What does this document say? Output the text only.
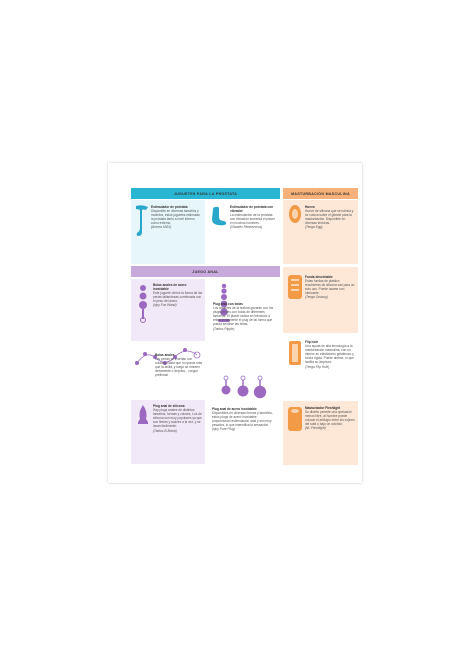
JUGUETES PARA LA PRÓSTATA	MASTURBACIÓN MASCULINA
JUEGO ANAL
Estimulador de próstata
Disponible en diversas tamaños y modelos, estos juguetes estimulan la próstata tanto a nivel interno como externo.
(Aneros MGX)
Estimulador de próstata con vibrador
La estimulación de la próstata con vibración aumenta el placer en muchos hombres.
(Vibratex Rendezvous)
Huevo
Huevo de silicona que se lubrica y se coloca sobre el glande para la masturbación. Disponible en diversas texturas.
(Tenga Egg)
Bolas anales de acero inoxidable
Este juguete ofrece la forma de las perlas tailandesas combinada con el peso del acero.
(njoy Fun Wand)	Plug anal con bolas
Los amantes de la textura gozarán con los plugs anales con bolas de diferentes tamaños. El placer radica en introducir a entrar lentamente el plug de tal forma que pueda sentirse las bolas.
(Tantus Ripple)
Funda desechable
Estas fundas de plástico recubiertas de silicona van para un solo uso. Puede usarse con lubricante.
(Tenga Onacup)
Bolas anales
Las perlas se insertan con cuidado hasta que no queda más que la anilla, y luego se extraen lentamente o deprisa... ¡según prefieras!
Flip hole
Una ayuda de alta tecnología a la masturbación masculina, con un interior en elastómero gelatinoso y funda rígida. Puede abrirse, lo que facilita su limpieza.
(Tenga Flip Hole)
Plug anal de silicona
Hay plugs anales de distintos tamaños, formas y colores. Los de silicona son muy populares ya que son firmes y suaves a la vez, y se lavan fácilmente.
(Tantus B-Bomb)
Plug anal de acero inoxidable
Disponibles en diversas formas y tamaños, estos plugs de acero inoxidable proporcionan estimulación anal y son muy pesados, lo que intensifica la sensación.
(njoy Pure Plug)
Masturbador Fleshlight
Su diseño permite una operación menos libre, al hombre puede colocar el artilugio entre los cojines del sofá o bajo un colchón.
(NL Fleshlight)
